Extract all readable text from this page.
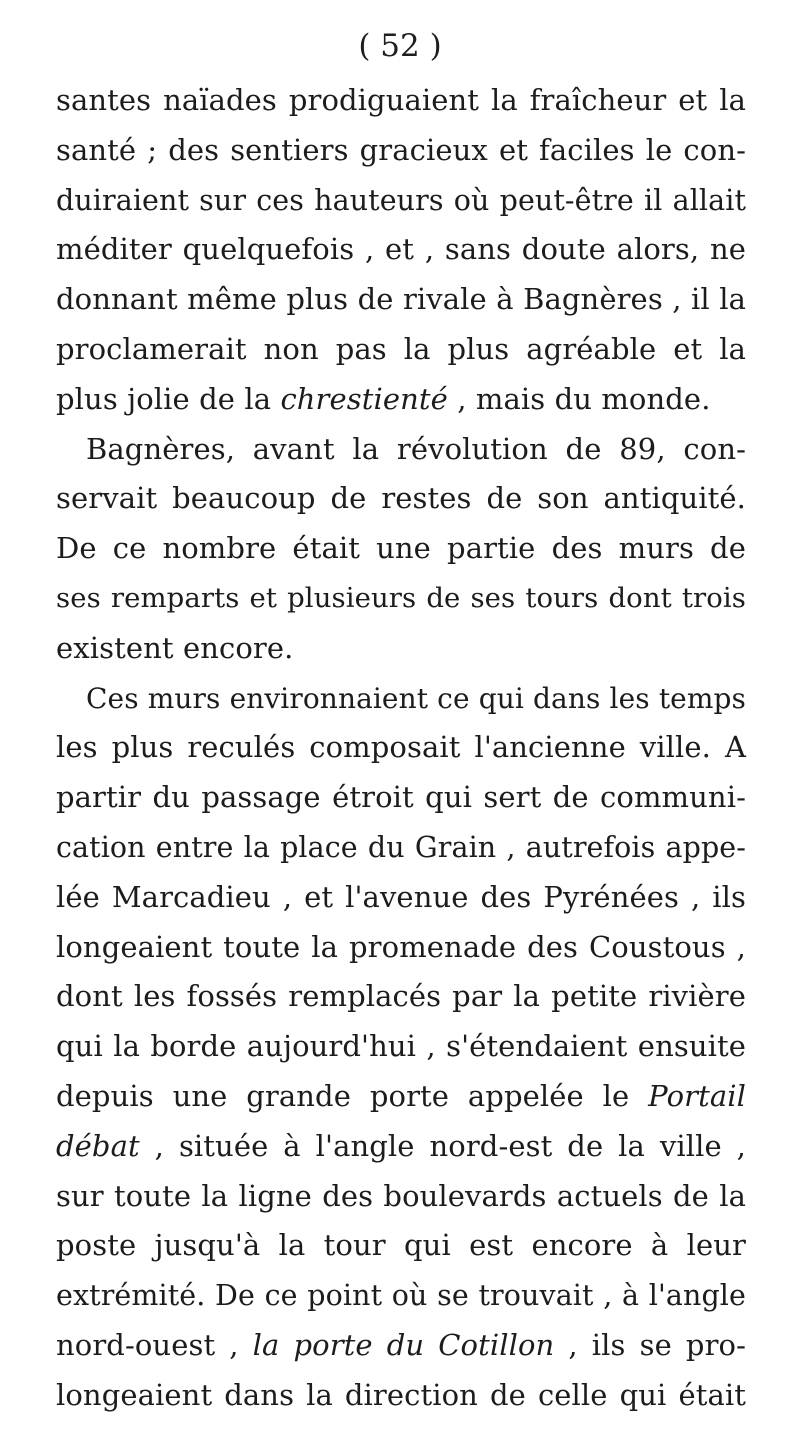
( 52 )
santes naïades prodiguaient la fraîcheur et la
santé ; des sentiers gracieux et faciles le con-
duiraient sur ces hauteurs où peut-être il allait
méditer quelquefois , et , sans doute alors, ne
donnant même plus de rivale à Bagnères , il la
proclamerait non pas la plus agréable et la
plus jolie de la chrestienté , mais du monde.
Bagnères, avant la révolution de 89, con-
servait beaucoup de restes de son antiquité.
De ce nombre était une partie des murs de
ses remparts et plusieurs de ses tours dont trois
existent encore.
Ces murs environnaient ce qui dans les temps
les plus reculés composait l'ancienne ville. A
partir du passage étroit qui sert de communi-
cation entre la place du Grain , autrefois appe-
lée Marcadieu , et l'avenue des Pyrénées , ils
longeaient toute la promenade des Coustous ,
dont les fossés remplacés par la petite rivière
qui la borde aujourd'hui , s'étendaient ensuite
depuis une grande porte appelée le Portail
débat , située à l'angle nord-est de la ville ,
sur toute la ligne des boulevards actuels de la
poste jusqu'à la tour qui est encore à leur
extrémité. De ce point où se trouvait , à l'angle
nord-ouest , la porte du Cotillon , ils se pro-
longeaient dans la direction de celle qui était
